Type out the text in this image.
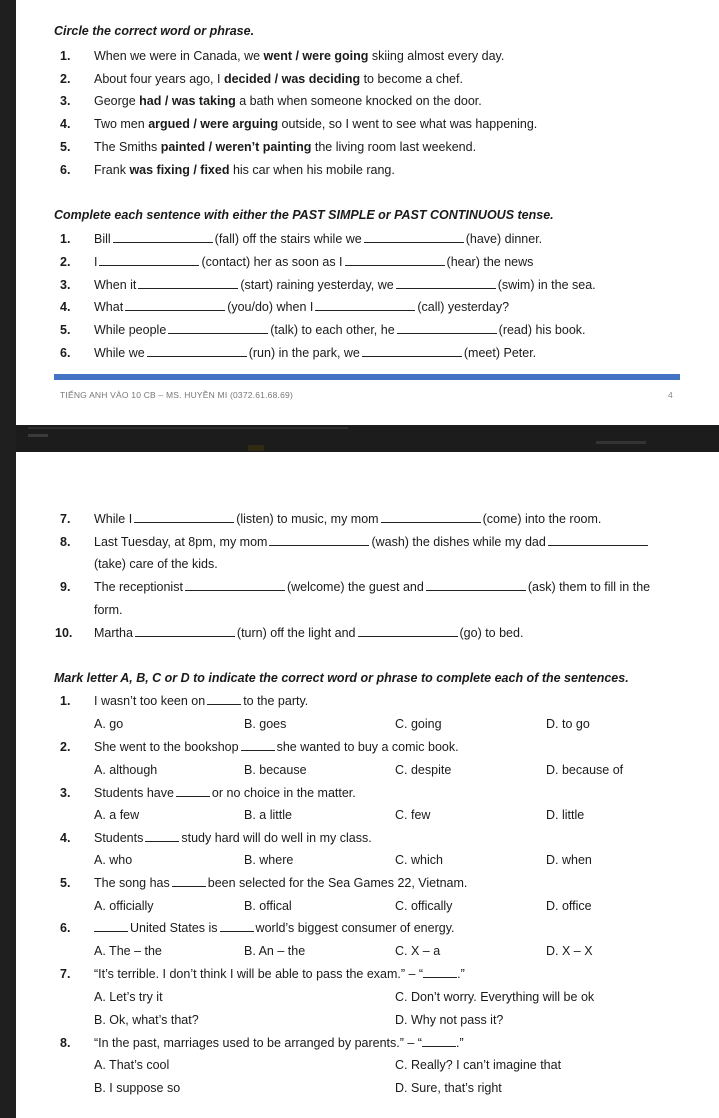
Circle the correct word or phrase.
1. When we were in Canada, we went / were going skiing almost every day.
2. About four years ago, I decided / was deciding to become a chef.
3. George had / was taking a bath when someone knocked on the door.
4. Two men argued / were arguing outside, so I went to see what was happening.
5. The Smiths painted / weren’t painting the living room last weekend.
6. Frank was fixing / fixed his car when his mobile rang.
Complete each sentence with either the PAST SIMPLE or PAST CONTINUOUS tense.
1. Bill	(fall) off the stairs while we	(have) dinner.
2. I	(contact) her as soon as I	(hear) the news
3. When it	(start) raining yesterday, we	(swim) in the sea.
4. What	(you/do) when I	(call) yesterday?
5. While people	(talk) to each other, he	(read) his book.
6. While we	(run) in the park, we	(meet) Peter.
TIẾNG ANH VÀO 10 CB – MS. HUYỀN MI (0372.61.68.69)	4
7. While I	(listen) to music, my mom	(come) into the room.
8. Last Tuesday, at 8pm, my mom	(wash) the dishes while my dad
(take) care of the kids.
9. The receptionist	(welcome) the guest and	(ask) them to fill in the
form.
10. Martha	(turn) off the light and	(go) to bed.
Mark letter A, B, C or D to indicate the correct word or phrase to complete each of the sentences.
1. I wasn’t too keen on	to the party.
A. go	B. goes	C. going	D. to go
2. She went to the bookshop	she wanted to buy a comic book.
A. although	B. because	C. despite	D. because of
3. Students have	or no choice in the matter.
A. a few	B. a little	C. few	D. little
4. Students	study hard will do well in my class.
A. who	B. where	C. which	D. when
5. The song has	been selected for the Sea Games 22, Vietnam.
A. officially	B. offical	C. offically	D. office
6.	United States is	world’s biggest consumer of energy.
A. The – the	B. An – the	C. X – a	D. X – X
7. “It’s terrible. I don’t think I will be able to pass the exam.” – “	.”
A. Let’s try it	C. Don’t worry. Everything will be ok
B. Ok, what’s that?	D. Why not pass it?
8. “In the past, marriages used to be arranged by parents.” – “	.”
A. That’s cool	C. Really? I can’t imagine that
B. I suppose so	D. Sure, that’s right
